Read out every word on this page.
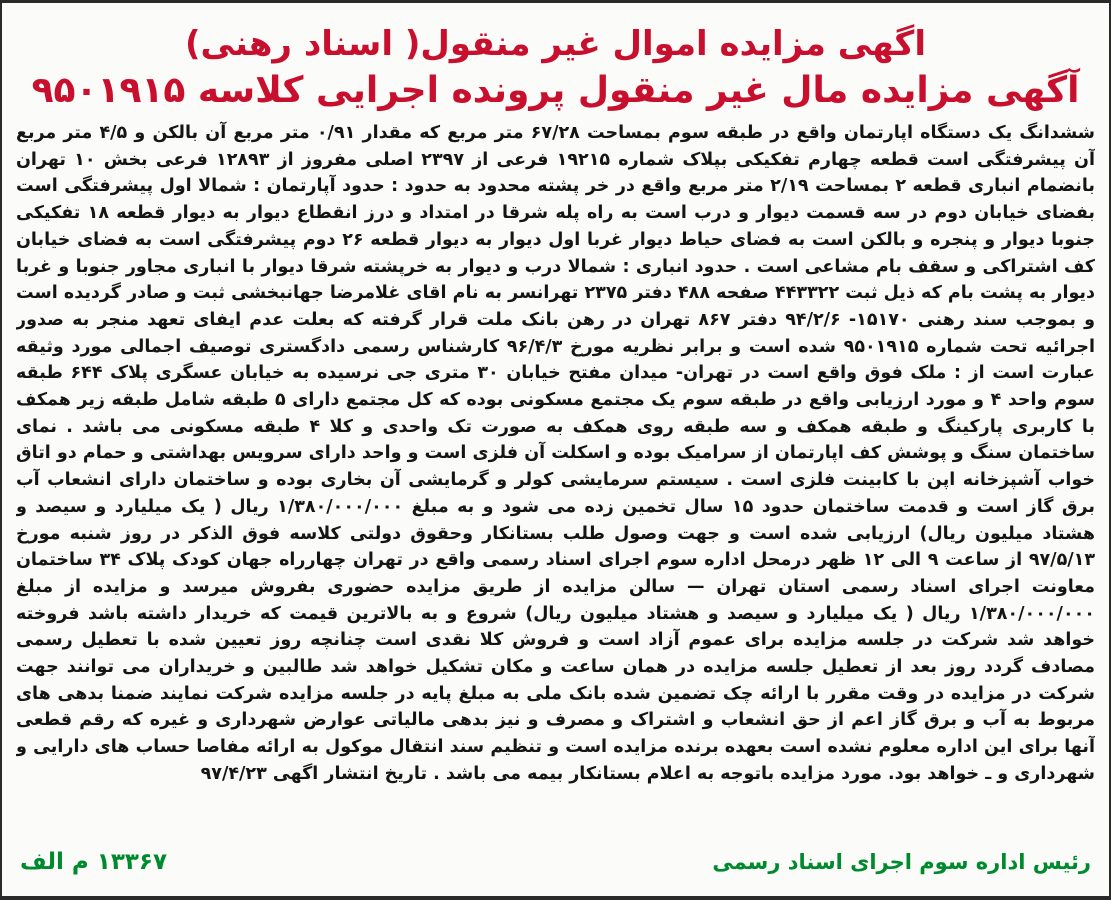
اگهی مزایده اموال غیر منقول( اسناد رهنی)
آگهی مزایده مال غیر منقول پرونده اجرایی کلاسه ۹۵۰۱۹۱۵
ششدانگ یک دستگاه اپارتمان واقع در طبقه سوم بمساحت ۶۷/۲۸ متر مربع که مقدار ۰/۹۱ متر مربع آن بالکن و ۴/۵ متر مربع آن پیشرفتگی است قطعه چهارم تفکیکی بپلاک شماره ۱۹۲۱۵ فرعی از ۲۳۹۷ اصلی مفروز از ۱۲۸۹۳ فرعی بخش ۱۰ تهران بانضمام انباری قطعه ۲ بمساحت ۲/۱۹ متر مربع واقع در خر پشته محدود به حدود : حدود آپارتمان : شمالا اول پیشرفتگی است بفضای خیابان دوم در سه قسمت دیوار و درب است به راه پله شرقا در امتداد و درز انقطاع دیوار به دیوار قطعه ۱۸ تفکیکی جنوبا دیوار و پنجره و بالکن است به فضای حیاط دیوار غربا اول دیوار به دیوار قطعه ۲۶ دوم پیشرفتگی است به فضای خیابان کف اشتراکی و سقف بام مشاعی است . حدود انباری : شمالا درب و دیوار به خرپشته شرقا دیوار با انباری مجاور جنوبا و غربا دیوار به پشت بام که ذیل ثبت ۴۴۳۳۲۲ صفحه ۴۸۸ دفتر ۲۳۷۵ تهرانسر به نام اقای غلامرضا جهانبخشی ثبت و صادر گردیده است و بموجب سند رهنی ۱۵۱۷۰- ۹۴/۲/۶ دفتر ۸۶۷ تهران در رهن بانک ملت قرار گرفته که بعلت عدم ایفای تعهد منجر به صدور اجرائیه تحت شماره ۹۵۰۱۹۱۵ شده است و برابر نظریه مورخ ۹۶/۴/۳ کارشناس رسمی دادگستری توصیف اجمالی مورد وثیقه عبارت است از : ملک فوق واقع است در تهران- میدان مفتح خیابان ۳۰ متری جی نرسیده به خیابان عسگری پلاک ۶۴۴ طبقه سوم واحد ۴ و مورد ارزیابی واقع در طبقه سوم یک مجتمع مسکونی بوده که کل مجتمع دارای ۵ طبقه شامل طبقه زیر همکف با کاربری پارکینگ و طبقه همکف و سه طبقه روی همکف به صورت تک واحدی و کلا ۴ طبقه مسکونی می باشد . نمای ساختمان سنگ و پوشش کف اپارتمان از سرامیک بوده و اسکلت آن فلزی است و واحد دارای سرویس بهداشتی و حمام دو اتاق خواب آشپزخانه اپن با کابینت فلزی است . سیستم سرمایشی کولر و گرمایشی آن بخاری بوده و ساختمان دارای انشعاب آب برق گاز است و قدمت ساختمان حدود ۱۵ سال تخمین زده می شود و به مبلغ ۱/۳۸۰/۰۰۰/۰۰۰ ریال ( یک میلیارد و سیصد و هشتاد میلیون ریال) ارزیابی شده است و جهت وصول طلب بستانکار وحقوق دولتی کلاسه فوق الذکر در روز شنبه مورخ ۹۷/۵/۱۳ از ساعت ۹ الی ۱۲ ظهر درمحل اداره سوم اجرای اسناد رسمی واقع در تهران چهارراه جهان کودک پلاک ۳۴ ساختمان معاونت اجرای اسناد رسمی استان تهران — سالن مزایده از طریق مزایده حضوری بفروش میرسد و مزایده از مبلغ ۱/۳۸۰/۰۰۰/۰۰۰ ریال ( یک میلیارد و سیصد و هشتاد میلیون ریال) شروع و به بالاترین قیمت که خریدار داشته باشد فروخته خواهد شد شرکت در جلسه مزایده برای عموم آزاد است و فروش کلا نقدی است چنانچه روز تعیین شده با تعطیل رسمی مصادف گردد روز بعد از تعطیل جلسه مزایده در همان ساعت و مکان تشکیل خواهد شد طالبین و خریداران می توانند جهت شرکت در مزایده در وقت مقرر با ارائه چک تضمین شده بانک ملی به مبلغ پایه در جلسه مزایده شرکت نمایند ضمنا بدهی های مربوط به آب و برق گاز اعم از حق انشعاب و اشتراک و مصرف و نیز بدهی مالیاتی عوارض شهرداری و غیره که رقم قطعی آنها برای این اداره معلوم نشده است بعهده برنده مزایده است و تنظیم سند انتقال موکول به ارائه مفاصا حساب های دارایی و شهرداری و ـ خواهد بود. مورد مزایده باتوجه به اعلام بستانکار بیمه می باشد . تاریخ انتشار اگهی ۹۷/۴/۲۳
رئیس اداره سوم اجرای اسناد رسمی
۱۳۳۶۷ م الف
